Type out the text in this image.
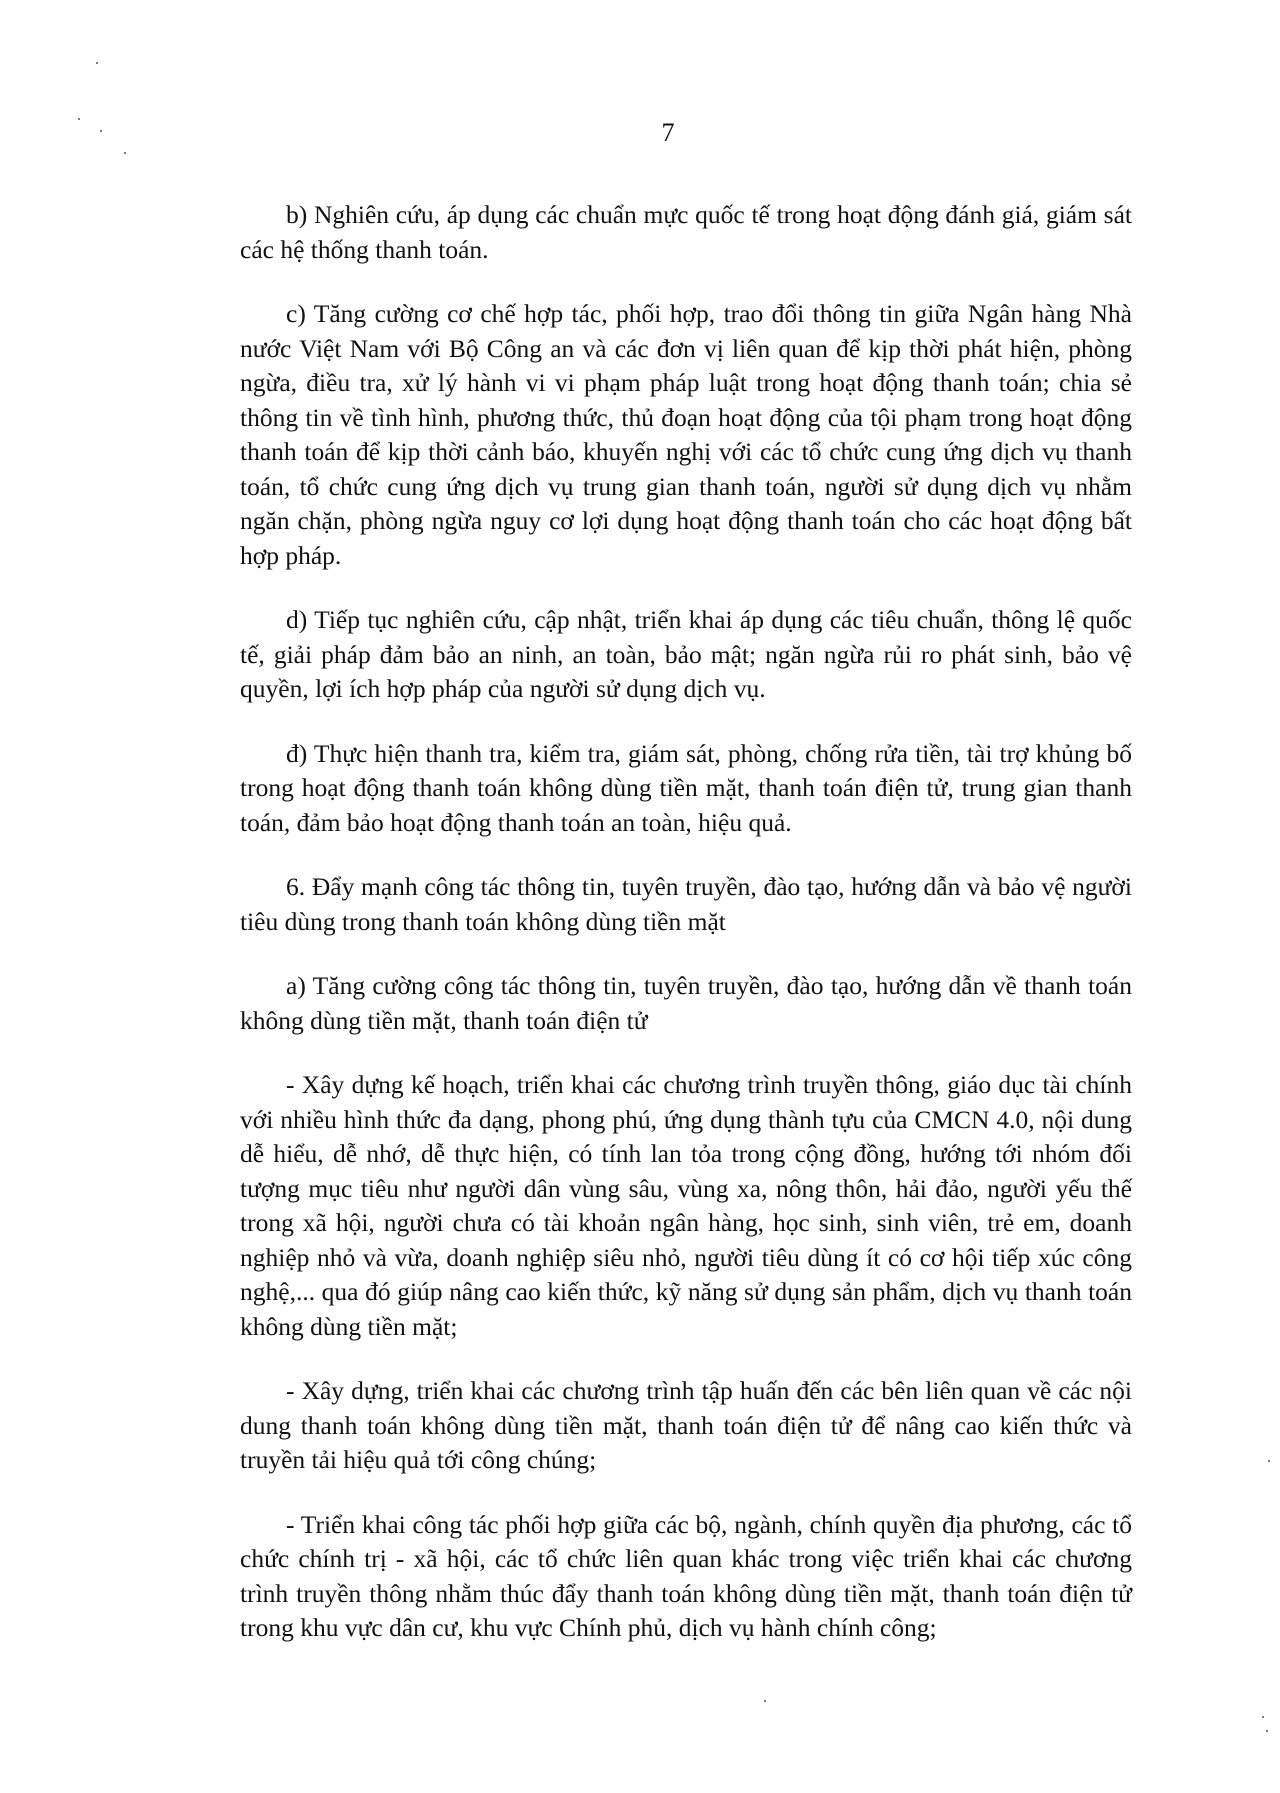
7

b) Nghiên cứu, áp dụng các chuẩn mực quốc tế trong hoạt động đánh giá, giám sát các hệ thống thanh toán.

c) Tăng cường cơ chế hợp tác, phối hợp, trao đổi thông tin giữa Ngân hàng Nhà nước Việt Nam với Bộ Công an và các đơn vị liên quan để kịp thời phát hiện, phòng ngừa, điều tra, xử lý hành vi vi phạm pháp luật trong hoạt động thanh toán; chia sẻ thông tin về tình hình, phương thức, thủ đoạn hoạt động của tội phạm trong hoạt động thanh toán để kịp thời cảnh báo, khuyến nghị với các tổ chức cung ứng dịch vụ thanh toán, tổ chức cung ứng dịch vụ trung gian thanh toán, người sử dụng dịch vụ nhằm ngăn chặn, phòng ngừa nguy cơ lợi dụng hoạt động thanh toán cho các hoạt động bất hợp pháp.

d) Tiếp tục nghiên cứu, cập nhật, triển khai áp dụng các tiêu chuẩn, thông lệ quốc tế, giải pháp đảm bảo an ninh, an toàn, bảo mật; ngăn ngừa rủi ro phát sinh, bảo vệ quyền, lợi ích hợp pháp của người sử dụng dịch vụ.

đ) Thực hiện thanh tra, kiểm tra, giám sát, phòng, chống rửa tiền, tài trợ khủng bố trong hoạt động thanh toán không dùng tiền mặt, thanh toán điện tử, trung gian thanh toán, đảm bảo hoạt động thanh toán an toàn, hiệu quả.

6. Đẩy mạnh công tác thông tin, tuyên truyền, đào tạo, hướng dẫn và bảo vệ người tiêu dùng trong thanh toán không dùng tiền mặt

a) Tăng cường công tác thông tin, tuyên truyền, đào tạo, hướng dẫn về thanh toán không dùng tiền mặt, thanh toán điện tử

- Xây dựng kế hoạch, triển khai các chương trình truyền thông, giáo dục tài chính với nhiều hình thức đa dạng, phong phú, ứng dụng thành tựu của CMCN 4.0, nội dung dễ hiểu, dễ nhớ, dễ thực hiện, có tính lan tỏa trong cộng đồng, hướng tới nhóm đối tượng mục tiêu như người dân vùng sâu, vùng xa, nông thôn, hải đảo, người yếu thế trong xã hội, người chưa có tài khoản ngân hàng, học sinh, sinh viên, trẻ em, doanh nghiệp nhỏ và vừa, doanh nghiệp siêu nhỏ, người tiêu dùng ít có cơ hội tiếp xúc công nghệ,... qua đó giúp nâng cao kiến thức, kỹ năng sử dụng sản phẩm, dịch vụ thanh toán không dùng tiền mặt;

- Xây dựng, triển khai các chương trình tập huấn đến các bên liên quan về các nội dung thanh toán không dùng tiền mặt, thanh toán điện tử để nâng cao kiến thức và truyền tải hiệu quả tới công chúng;

- Triển khai công tác phối hợp giữa các bộ, ngành, chính quyền địa phương, các tổ chức chính trị - xã hội, các tổ chức liên quan khác trong việc triển khai các chương trình truyền thông nhằm thúc đẩy thanh toán không dùng tiền mặt, thanh toán điện tử trong khu vực dân cư, khu vực Chính phủ, dịch vụ hành chính công;
